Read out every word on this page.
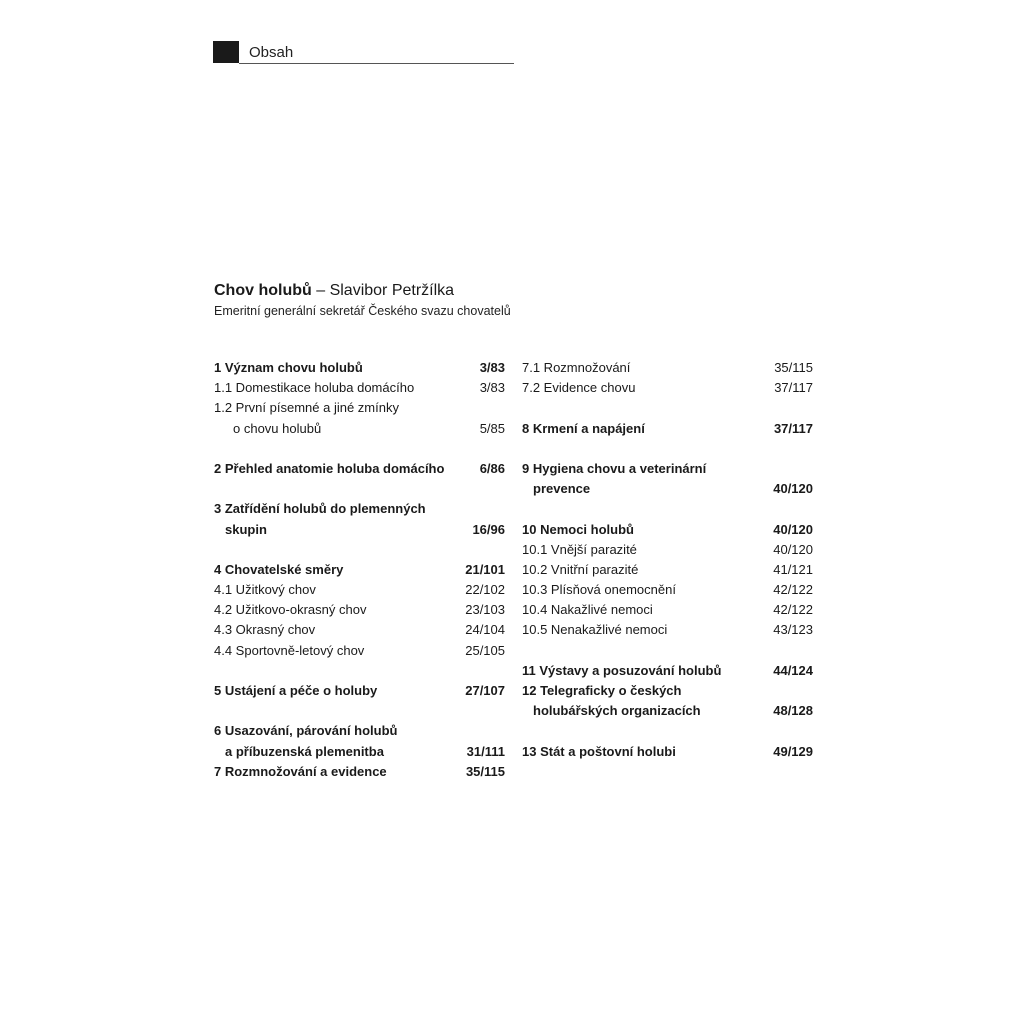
Obsah
Chov holubů – Slavibor Petržílka
Emeritní generální sekretář Českého svazu chovatelů
1 Význam chovu holubů	3/83
1.1 Domestikace holuba domácího	3/83
1.2 První písemné a jiné zmínky
o chovu holubů	5/85
2 Přehled anatomie holuba domácího	6/86
3 Zatřídění holubů do plemenných
skupin	16/96
4 Chovatelské směry	21/101
4.1 Užitkový chov	22/102
4.2 Užitkovo-okrasný chov	23/103
4.3 Okrasný chov	24/104
4.4 Sportovně-letový chov	25/105
5 Ustájení a péče o holuby	27/107
6 Usazování, párování holubů
a příbuzenská plemenitba	31/111
7 Rozmnožování a evidence	35/115
7.1 Rozmnožování	35/115
7.2 Evidence chovu	37/117
8 Krmení a napájení	37/117
9 Hygiena chovu a veterinární
prevence	40/120
10 Nemoci holubů	40/120
10.1 Vnější parazité	40/120
10.2 Vnitřní parazité	41/121
10.3 Plísňová onemocnění	42/122
10.4 Nakažlivé nemoci	42/122
10.5 Nenakažlivé nemoci	43/123
11 Výstavy a posuzování holubů	44/124
12 Telegraficky o českých
holubářských organizacích	48/128
13 Stát a poštovní holubi	49/129
